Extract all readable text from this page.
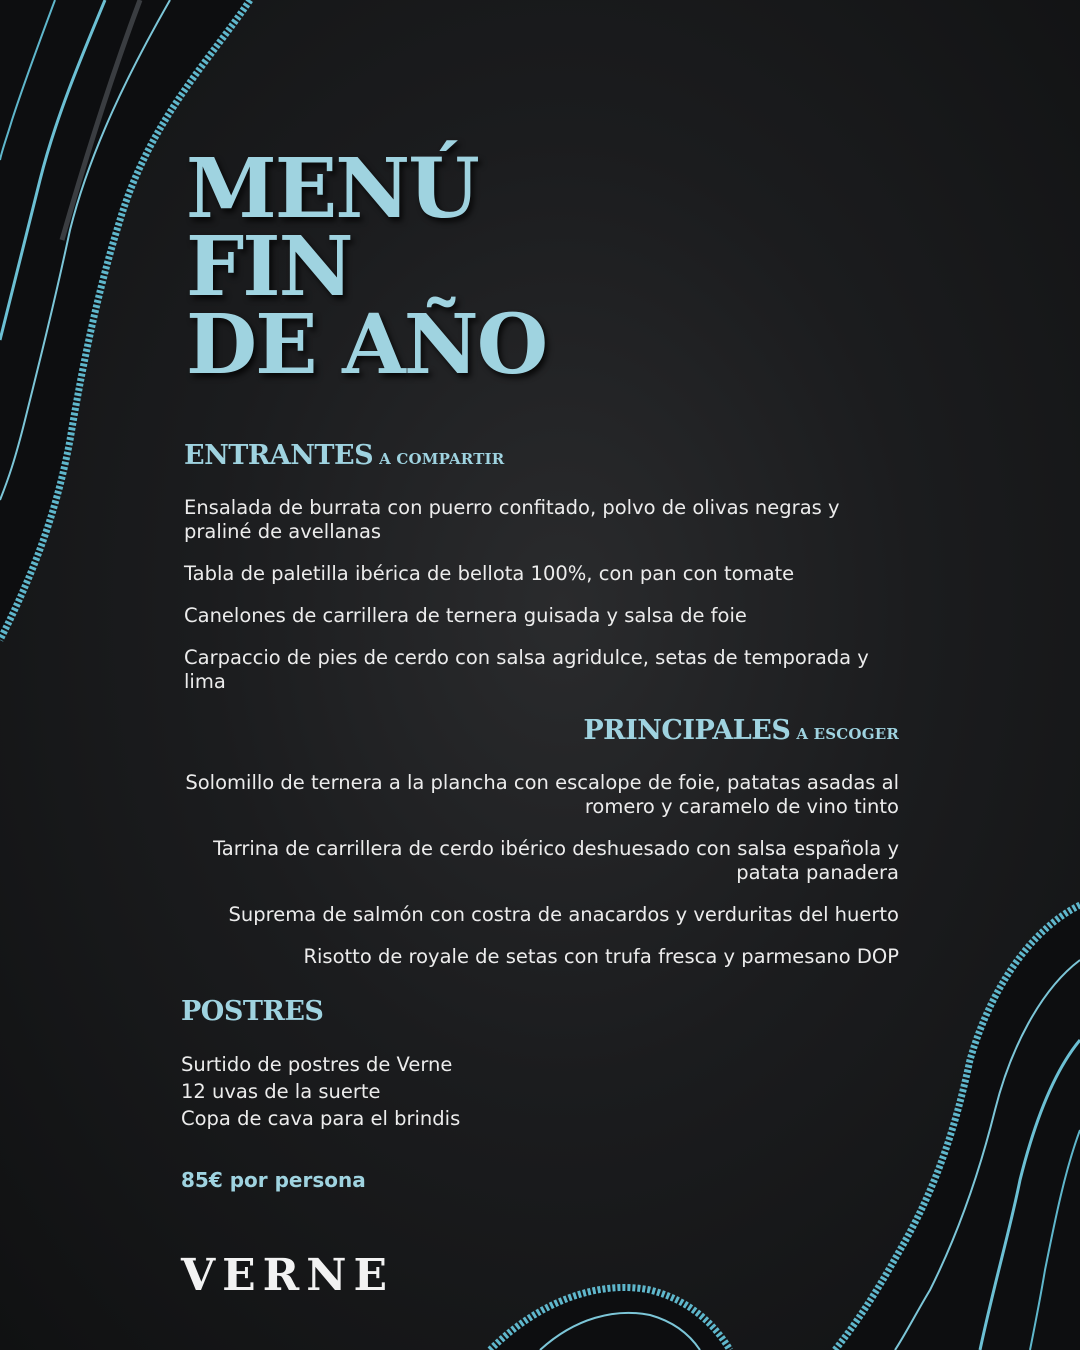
MENÚ
FIN
DE AÑO
ENTRANTES A COMPARTIR
Ensalada de burrata con puerro confitado, polvo de olivas negras y praliné de avellanas
Tabla de paletilla ibérica de bellota 100%, con pan con tomate
Canelones de carrillera de ternera guisada y salsa de foie
Carpaccio de pies de cerdo con salsa agridulce, setas de temporada y lima
PRINCIPALES A ESCOGER
Solomillo de ternera a la plancha con escalope de foie, patatas asadas al romero y caramelo de vino tinto
Tarrina de carrillera de cerdo ibérico deshuesado con salsa española y patata panadera
Suprema de salmón con costra de anacardos y verduritas del huerto
Risotto de royale de setas con trufa fresca y parmesano DOP
POSTRES
Surtido de postres de Verne
12 uvas de la suerte
Copa de cava para el brindis

85€ por persona

VERNE
